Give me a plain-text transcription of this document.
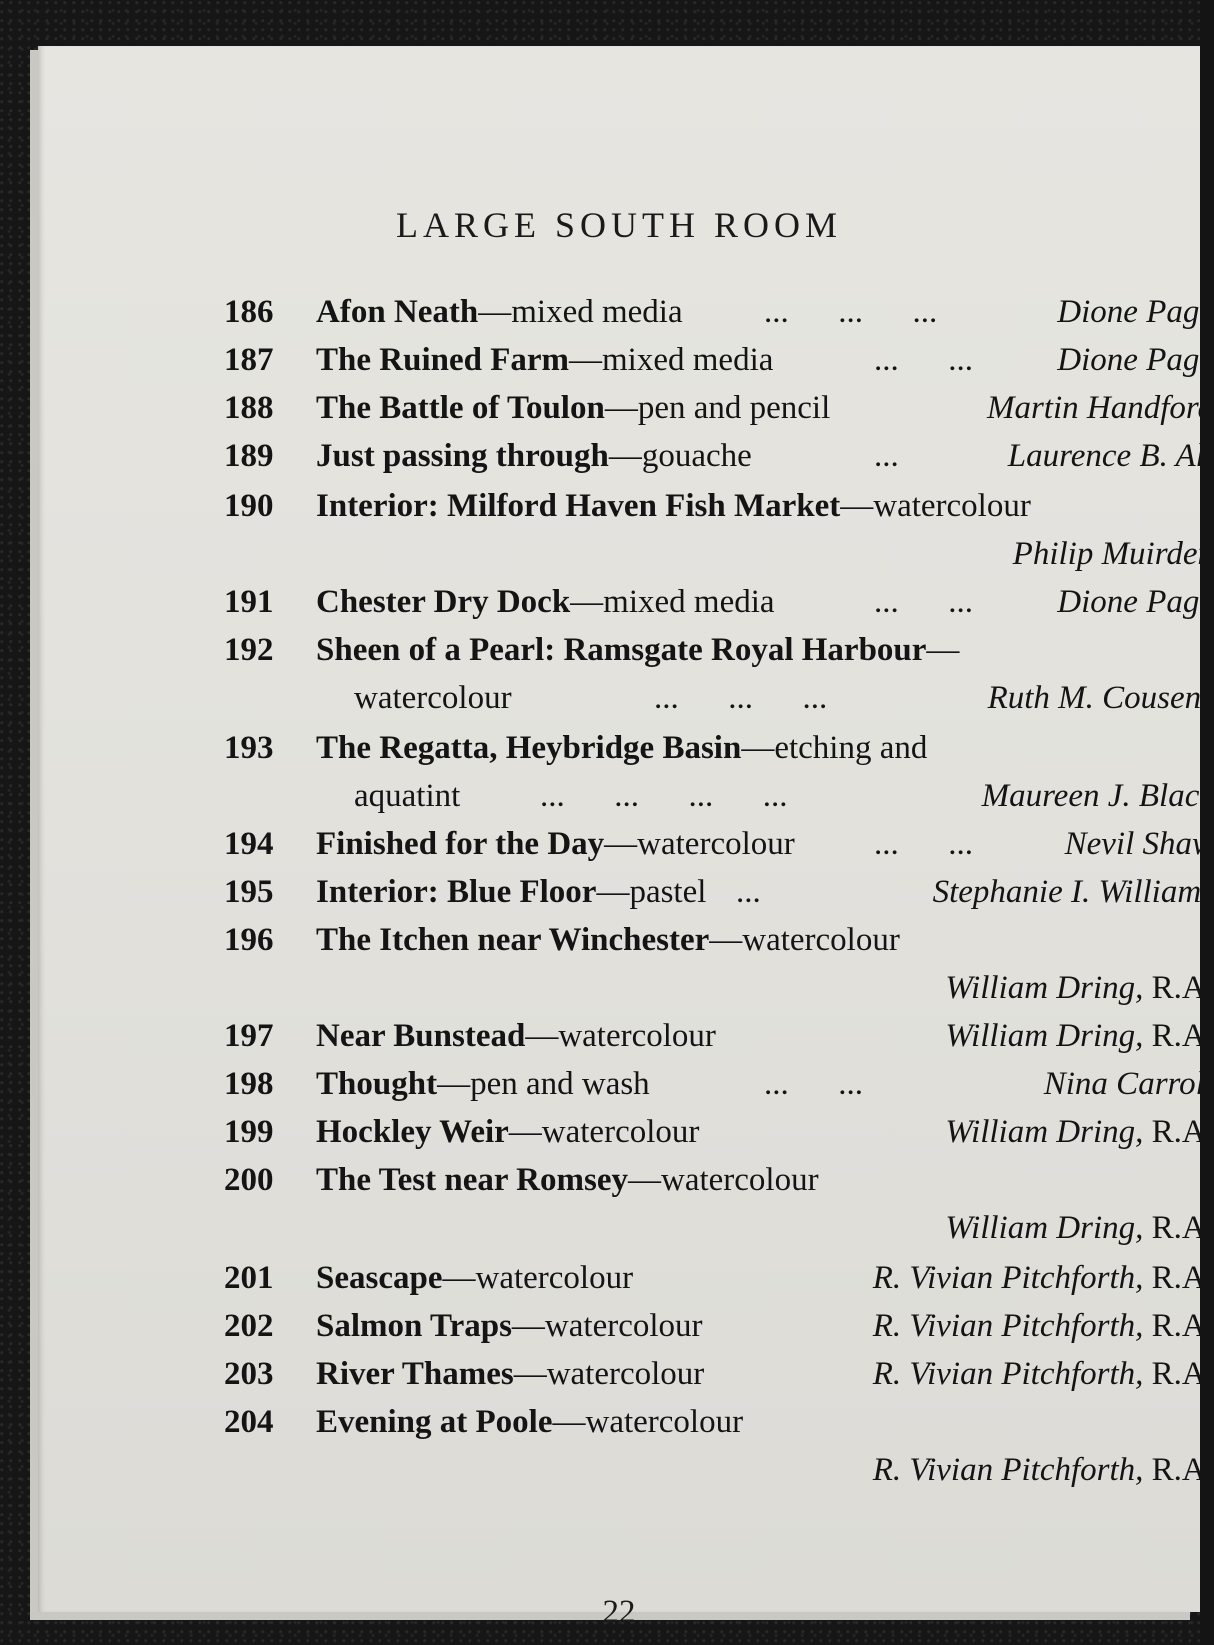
LARGE SOUTH ROOM
186	Afon Neath—mixed media ...      ...      ...	Dione Page
187	The Ruined Farm—mixed media	...      ...	Dione Page
188	The Battle of Toulon—pen and pencil	Martin Handford
189	Just passing through—gouache	...	Laurence B. Alt
190	Interior: Milford Haven Fish Market—watercolour
Philip Muirden
191	Chester Dry Dock—mixed media	...      ...	Dione Page
192	Sheen of a Pearl: Ramsgate Royal Harbour—
watercolour	...      ...      ...	Ruth M. Cousens
193	The Regatta, Heybridge Basin—etching and
aquatint ...      ...      ...      ...	Maureen J. Black
194	Finished for the Day—watercolour ...      ...	Nevil Shaw
195	Interior: Blue Floor—pastel ...	Stephanie I. Williams
196	The Itchen near Winchester—watercolour
William Dring, R.A.
197	Near Bunstead—watercolour	William Dring, R.A.
198	Thought—pen and wash	...      ...	Nina Carroll
199	Hockley Weir—watercolour	William Dring, R.A.
200	The Test near Romsey—watercolour
William Dring, R.A.
201	Seascape—watercolour	R. Vivian Pitchforth, R.A.
202	Salmon Traps—watercolour	R. Vivian Pitchforth, R.A.
203	River Thames—watercolour	R. Vivian Pitchforth, R.A.
204	Evening at Poole—watercolour
R. Vivian Pitchforth, R.A.
22
